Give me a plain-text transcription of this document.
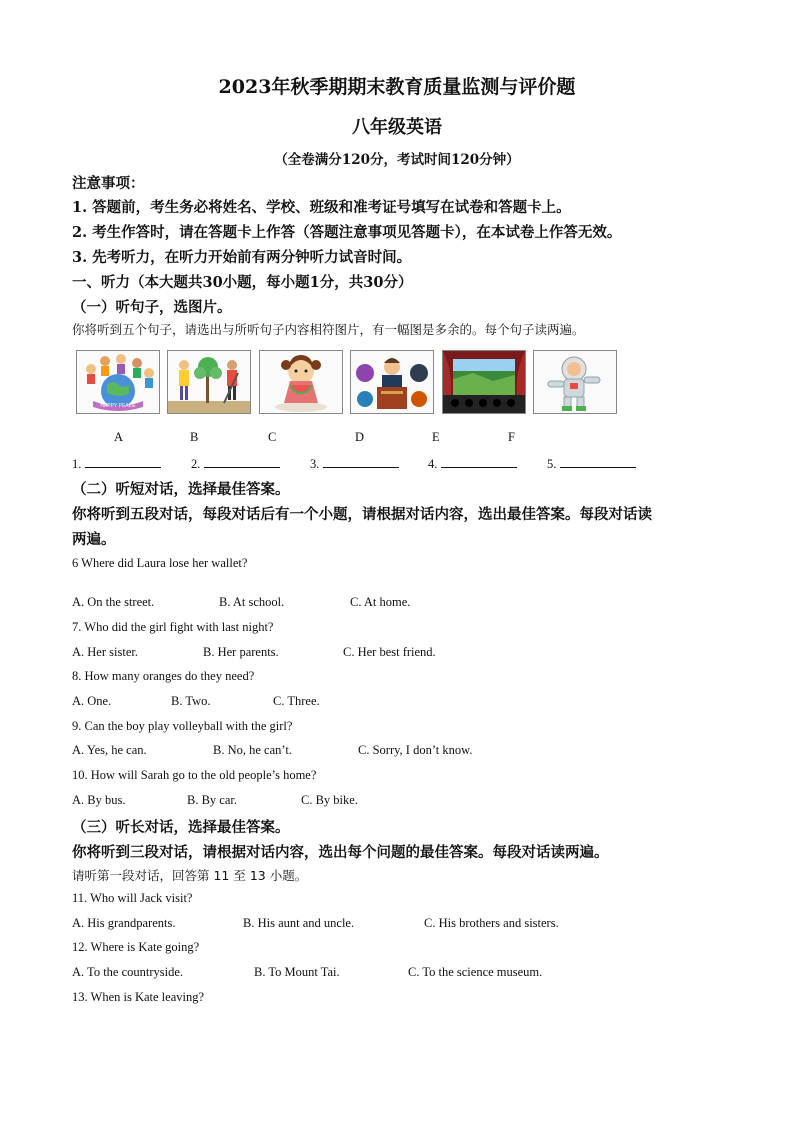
2023年秋季期期末教育质量监测与评价题
八年级英语
（全卷满分120分，考试时间120分钟）
注意事项：
1. 答题前，考生务必将姓名、学校、班级和准考证号填写在试卷和答题卡上。
2. 考生作答时，请在答题卡上作答（答题注意事项见答题卡），在本试卷上作答无效。
3. 先考听力，在听力开始前有两分钟听力试音时间。
一、听力（本大题共30小题，每小题1分，共30分）
（一）听句子，选图片。
你将听到五个句子，请选出与所听句子内容相符图片，有一幅图是多余的。每个句子读两遍。
HAPPY PEACE
A	B	C	D	E	F
1.	2.	3.	4.	5.
（二）听短对话，选择最佳答案。
你将听到五段对话，每段对话后有一个小题，请根据对话内容，选出最佳答案。每段对话读
两遍。
6 Where did Laura lose her wallet?
A. On the street.	B. At school.	C. At home.
7. Who did the girl fight with last night?
A. Her sister.	B. Her parents.	C. Her best friend.
8. How many oranges do they need?
A. One.	B. Two.	C. Three.
9. Can the boy play volleyball with the girl?
A. Yes, he can.	B. No, he can’t.	C. Sorry, I don’t know.
10. How will Sarah go to the old people’s home?
A. By bus.	B. By car.	C. By bike.
（三）听长对话，选择最佳答案。
你将听到三段对话，请根据对话内容，选出每个问题的最佳答案。每段对话读两遍。
请听第一段对话，回答第 11 至 13 小题。
11. Who will Jack visit?
A. His grandparents.	B. His aunt and uncle.	C. His brothers and sisters.
12. Where is Kate going?
A. To the countryside.	B. To Mount Tai.	C. To the science museum.
13. When is Kate leaving?
